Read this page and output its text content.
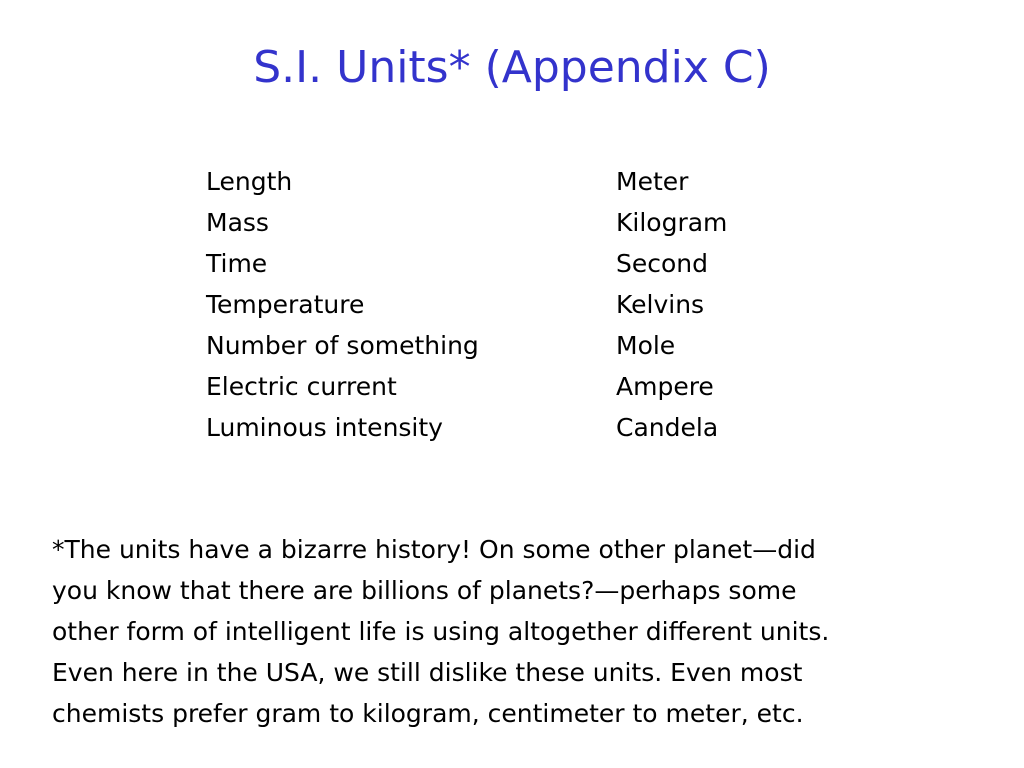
S.I. Units* (Appendix C)
Length	Meter
Mass	Kilogram
Time	Second
Temperature	Kelvins
Number of something	Mole
Electric current	Ampere
Luminous intensity	Candela

*The units have a bizarre history! On some other planet—did
you know that there are billions of planets?—perhaps some
other form of intelligent life is using altogether different units.
Even here in the USA, we still dislike these units. Even most
chemists prefer gram to kilogram, centimeter to meter, etc.
